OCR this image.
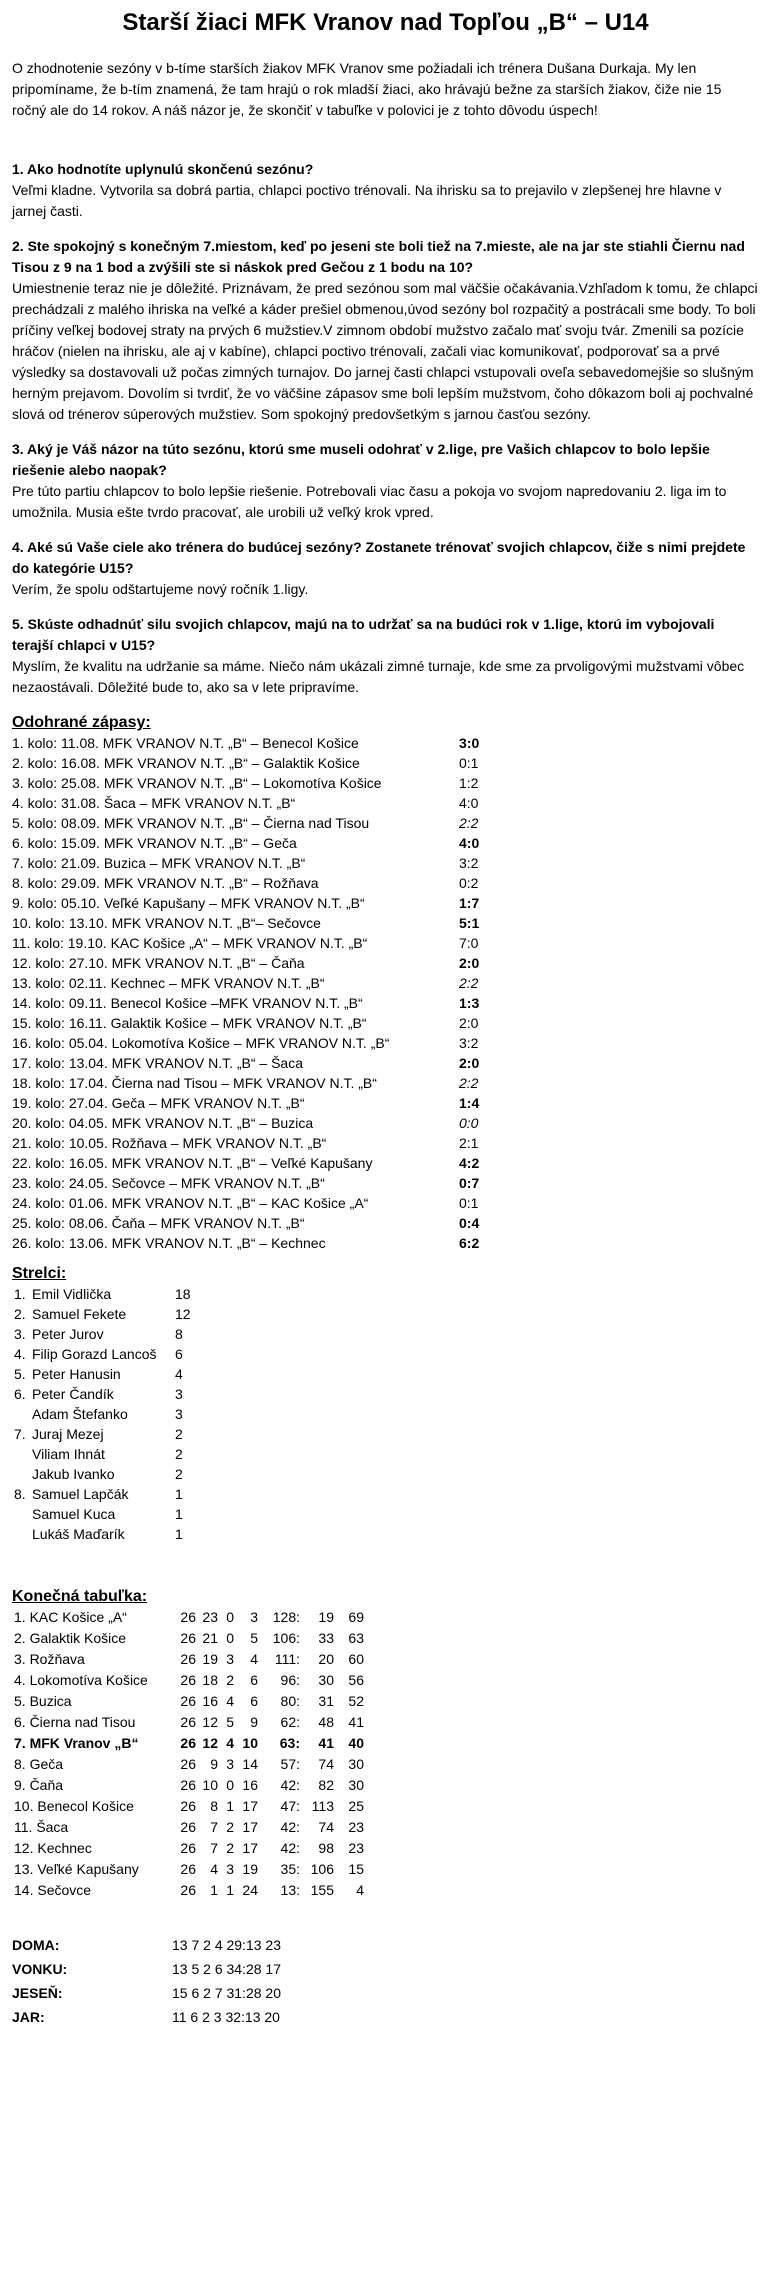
Starší žiaci MFK Vranov nad Topľou „B“ – U14

O zhodnotenie sezóny v b-tíme starších žiakov MFK Vranov sme požiadali ich trénera Dušana Durkaja. My len pripomíname, že b-tím znamená, že tam hrajú o rok mladší žiaci, ako hrávajú bežne za starších žiakov, čiže nie 15 ročný ale do 14 rokov. A náš názor je, že skončiť v tabuľke v polovici je z tohto dôvodu úspech!

1. Ako hodnotíte uplynulú skončenú sezónu?
Veľmi kladne. Vytvorila sa dobrá partia, chlapci poctivo trénovali. Na ihrisku sa to prejavilo v zlepšenej hre hlavne v jarnej časti.
2. Ste spokojný s konečným 7.miestom, keď po jeseni ste boli tiež na 7.mieste, ale na jar ste stiahli Čiernu nad Tisou z 9 na 1 bod a zvýšili ste si náskok pred Gečou z 1 bodu na 10?
Umiestnenie teraz nie je dôležité. Priznávam, že pred sezónou som mal väčšie očakávania.Vzhľadom k tomu, že chlapci prechádzali z malého ihriska na veľké a káder prešiel obmenou,úvod sezóny bol rozpačitý a postrácali sme body. To boli príčiny veľkej bodovej straty na prvých 6 mužstiev.V zimnom období mužstvo začalo mať svoju tvár. Zmenili sa pozície hráčov (nielen na ihrisku, ale aj v kabíne), chlapci poctivo trénovali, začali viac komunikovať, podporovať sa a prvé výsledky sa dostavovali už počas zimných turnajov. Do jarnej časti chlapci vstupovali oveľa sebavedomejšie so slušným herným prejavom. Dovolím si tvrdiť, že vo väčšine zápasov sme boli lepším mužstvom, čoho dôkazom boli aj pochvalné slová od trénerov súperových mužstiev. Som spokojný predovšetkým s jarnou časťou sezóny.
3. Aký je Váš názor na túto sezónu, ktorú sme museli odohrať v 2.lige, pre Vašich chlapcov to bolo lepšie riešenie alebo naopak?
Pre túto partiu chlapcov to bolo lepšie riešenie. Potrebovali viac času a pokoja vo svojom napredovaniu 2. liga im to umožnila. Musia ešte tvrdo pracovať, ale urobili už veľký krok vpred.
4. Aké sú Vaše ciele ako trénera do budúcej sezóny? Zostanete trénovať svojich chlapcov, čiže s nimi prejdete do kategórie U15?
Verím, že spolu odštartujeme nový ročník 1.ligy.
5. Skúste odhadnúť silu svojich chlapcov, majú na to udržať sa na budúci rok v 1.lige, ktorú im vybojovali terajší chlapci v U15?
Myslím, že kvalitu na udržanie sa máme. Niečo nám ukázali zimné turnaje, kde sme za prvoligovými mužstvami vôbec nezaostávali. Dôležité bude to, ako sa v lete pripravíme.
Odohrané zápasy:
1. kolo: 11.08. MFK VRANOV N.T. „B“ – Benecol Košice	3:0
2. kolo: 16.08. MFK VRANOV N.T. „B“ – Galaktik Košice	0:1
3. kolo: 25.08. MFK VRANOV N.T. „B“ – Lokomotíva Košice	1:2
4. kolo: 31.08. Šaca – MFK VRANOV N.T. „B“	4:0
5. kolo: 08.09. MFK VRANOV N.T. „B“ – Čierna nad Tisou	2:2
6. kolo: 15.09. MFK VRANOV N.T. „B“ – Geča	4:0
7. kolo: 21.09. Buzica – MFK VRANOV N.T. „B“	3:2
8. kolo: 29.09. MFK VRANOV N.T. „B“ – Rožňava	0:2
9. kolo: 05.10. Veľké Kapušany – MFK VRANOV N.T. „B“	1:7
10. kolo: 13.10. MFK VRANOV N.T. „B“– Sečovce	5:1
11. kolo: 19.10. KAC Košice „A“ – MFK VRANOV N.T. „B“	7:0
12. kolo: 27.10. MFK VRANOV N.T. „B“ – Čaňa	2:0
13. kolo: 02.11. Kechnec – MFK VRANOV N.T. „B“	2:2
14. kolo: 09.11. Benecol Košice –MFK VRANOV N.T. „B“	1:3
15. kolo: 16.11. Galaktik Košice – MFK VRANOV N.T. „B“	2:0
16. kolo: 05.04. Lokomotíva Košice – MFK VRANOV N.T. „B“	3:2
17. kolo: 13.04. MFK VRANOV N.T. „B“ – Šaca	2:0
18. kolo: 17.04. Čierna nad Tisou – MFK VRANOV N.T. „B“	2:2
19. kolo: 27.04. Geča – MFK VRANOV N.T. „B“	1:4
20. kolo: 04.05. MFK VRANOV N.T. „B“ – Buzica	0:0
21. kolo: 10.05. Rožňava – MFK VRANOV N.T. „B“	2:1
22. kolo: 16.05. MFK VRANOV N.T. „B“ – Veľké Kapušany	4:2
23. kolo: 24.05. Sečovce – MFK VRANOV N.T. „B“	0:7
24. kolo: 01.06. MFK VRANOV N.T. „B“ – KAC Košice „A“	0:1
25. kolo: 08.06. Čaňa – MFK VRANOV N.T. „B“	0:4
26. kolo: 13.06. MFK VRANOV N.T. „B“ – Kechnec	6:2
Strelci:
1. Emil Vidlička	18
2. Samuel Fekete	12
3. Peter Jurov	8
4. Filip Gorazd Lancoš	6
5. Peter Hanusin	4
6. Peter Čandík	3
Adam Štefanko	3
7. Juraj Mezej	2
Viliam Ihnát	2
Jakub Ivanko	2
8. Samuel Lapčák	1
Samuel Kuca	1
Lukáš Maďarík	1
Konečná tabuľka:
1. KAC Košice „A“	26 23 0	3	128:	19	69
2. Galaktik Košice	26 21 0	5	106:	33	63
3. Rožňava	26 19 3	4	111:	20	60
4. Lokomotíva Košice	26 18 2	6	96:	30	56
5. Buzica	26 16 4	6	80:	31	52
6. Čierna nad Tisou	26 12 5	9	62:	48	41
7. MFK Vranov „B“	26 12 4 10	63:	41	40
8. Geča	26	9 3 14	57:	74	30
9. Čaňa	26 10 0 16	42:	82	30
10. Benecol Košice	26	8 1 17	47: 113	25
11. Šaca	26	7 2 17	42:	74	23
12. Kechnec	26	7 2 17	42:	98	23
13. Veľké Kapušany	26	4 3 19	35: 106	15
14. Sečovce	26	1 1 24	13: 155	4
DOMA:	13 7 2 4 29:13 23
VONKU:	13 5 2 6 34:28 17
JESEŇ:	15 6 2 7 31:28 20
JAR:	11 6 2 3 32:13 20
